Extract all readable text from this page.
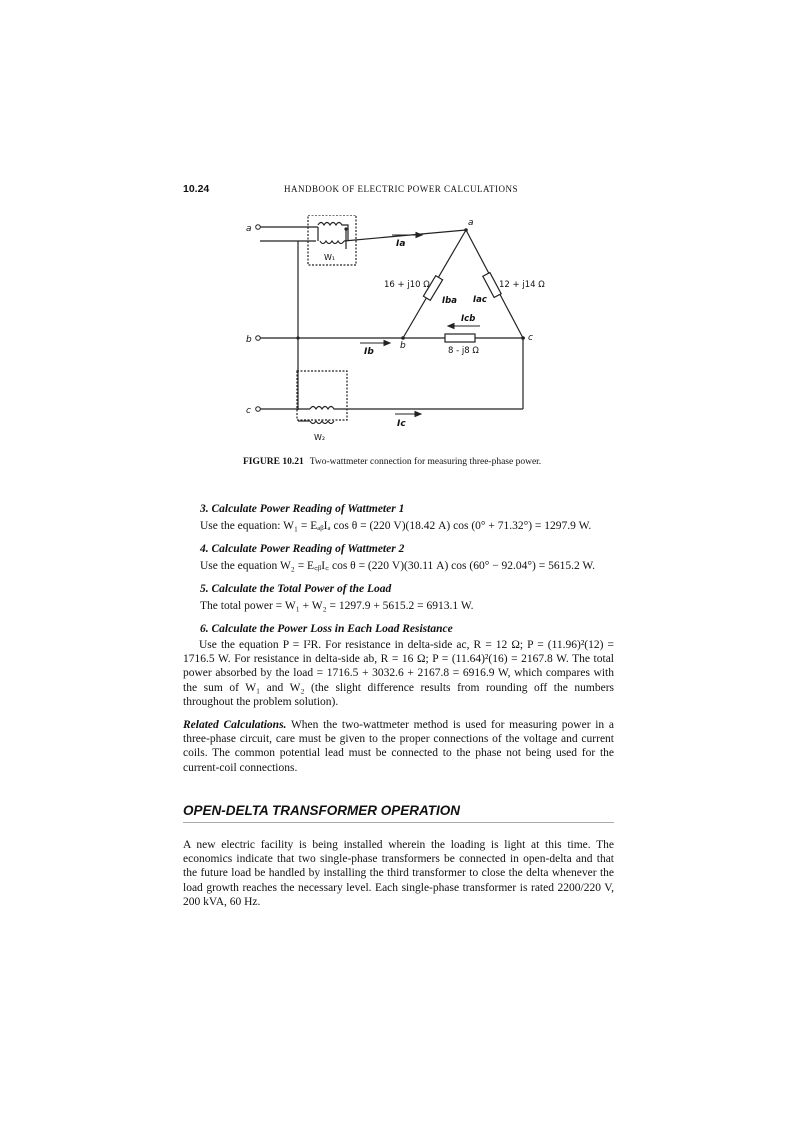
10.24	HANDBOOK OF ELECTRIC POWER CALCULATIONS
a
b
c
a
b
c
W₁
W₂
Ia
Ib
Ic
Iba Iac
Icb
16 + j10 Ω	12 + j14 Ω
8 - j8 Ω
FIGURE 10.21 Two-wattmeter connection for measuring three-phase power.
3. Calculate Power Reading of Wattmeter 1
Use the equation: W₁ = EₐᵦIₐ cos θ = (220 V)(18.42 A) cos (0° + 71.32°) = 1297.9 W.
4. Calculate Power Reading of Wattmeter 2
Use the equation W₂ = E꜀ᵦI꜀ cos θ = (220 V)(30.11 A) cos (60° − 92.04°) = 5615.2 W.
5. Calculate the Total Power of the Load
The total power = W₁ + W₂ = 1297.9 + 5615.2 = 6913.1 W.
6. Calculate the Power Loss in Each Load Resistance
Use the equation P = I²R. For resistance in delta-side ac, R = 12 Ω; P = (11.96)²(12) = 1716.5 W. For resistance in delta-side ab, R = 16 Ω; P = (11.64)²(16) = 2167.8 W. The total power absorbed by the load = 1716.5 + 3032.6 + 2167.8 = 6916.9 W, which compares with the sum of W₁ and W₂ (the slight difference results from rounding off the numbers throughout the problem solution).
Related Calculations. When the two-wattmeter method is used for measuring power in a three-phase circuit, care must be given to the proper connections of the voltage and current coils. The common potential lead must be connected to the phase not being used for the current-coil connections.
OPEN-DELTA TRANSFORMER OPERATION
A new electric facility is being installed wherein the loading is light at this time. The economics indicate that two single-phase transformers be connected in open-delta and that the future load be handled by installing the third transformer to close the delta whenever the load growth reaches the necessary level. Each single-phase transformer is rated 2200/220 V, 200 kVA, 60 Hz.
